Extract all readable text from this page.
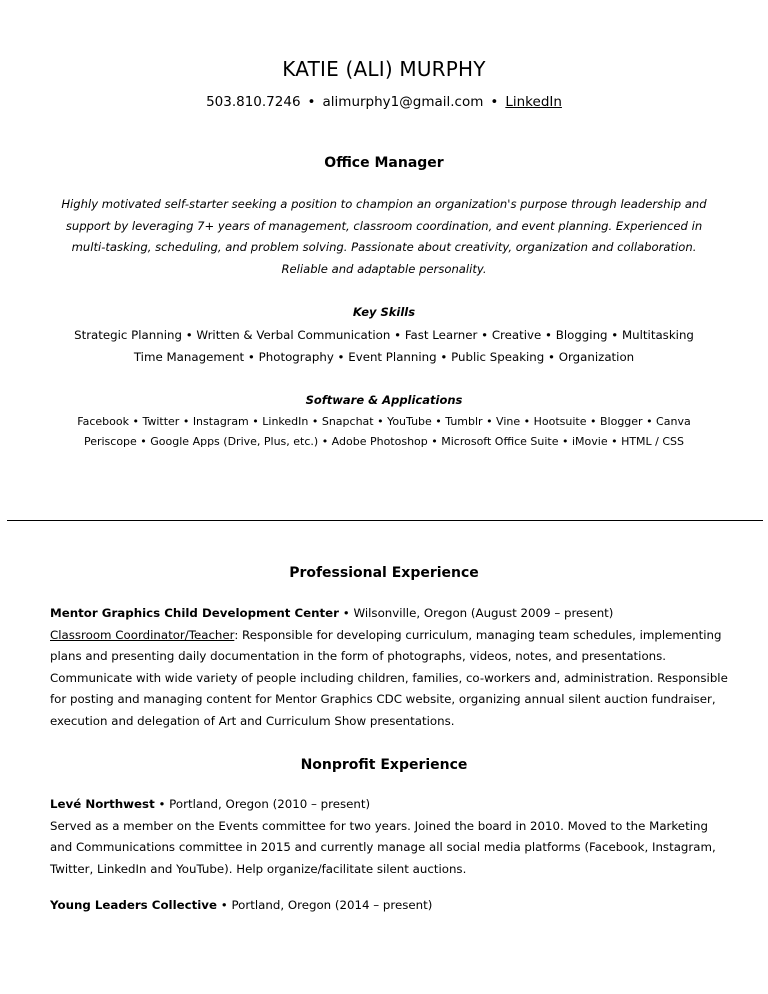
KATIE (ALI) MURPHY
503.810.7246 • alimurphy1@gmail.com • LinkedIn
Office Manager
Highly motivated self-starter seeking a position to champion an organization's purpose through leadership and
support by leveraging 7+ years of management, classroom coordination, and event planning. Experienced in
multi-tasking, scheduling, and problem solving. Passionate about creativity, organization and collaboration.
Reliable and adaptable personality.
Key Skills
Strategic Planning • Written & Verbal Communication • Fast Learner • Creative • Blogging • Multitasking
Time Management • Photography • Event Planning • Public Speaking • Organization
Software & Applications
Facebook • Twitter • Instagram • LinkedIn • Snapchat • YouTube • Tumblr • Vine • Hootsuite • Blogger • Canva
Periscope • Google Apps (Drive, Plus, etc.) • Adobe Photoshop • Microsoft Office Suite • iMovie • HTML / CSS
Professional Experience
Mentor Graphics Child Development Center • Wilsonville, Oregon (August 2009 – present)
Classroom Coordinator/Teacher: Responsible for developing curriculum, managing team schedules, implementing
plans and presenting daily documentation in the form of photographs, videos, notes, and presentations.
Communicate with wide variety of people including children, families, co-workers and, administration. Responsible
for posting and managing content for Mentor Graphics CDC website, organizing annual silent auction fundraiser,
execution and delegation of Art and Curriculum Show presentations.
Nonprofit Experience
Levé Northwest • Portland, Oregon (2010 – present)
Served as a member on the Events committee for two years. Joined the board in 2010. Moved to the Marketing
and Communications committee in 2015 and currently manage all social media platforms (Facebook, Instagram,
Twitter, LinkedIn and YouTube). Help organize/facilitate silent auctions.
Young Leaders Collective • Portland, Oregon (2014 – present)
